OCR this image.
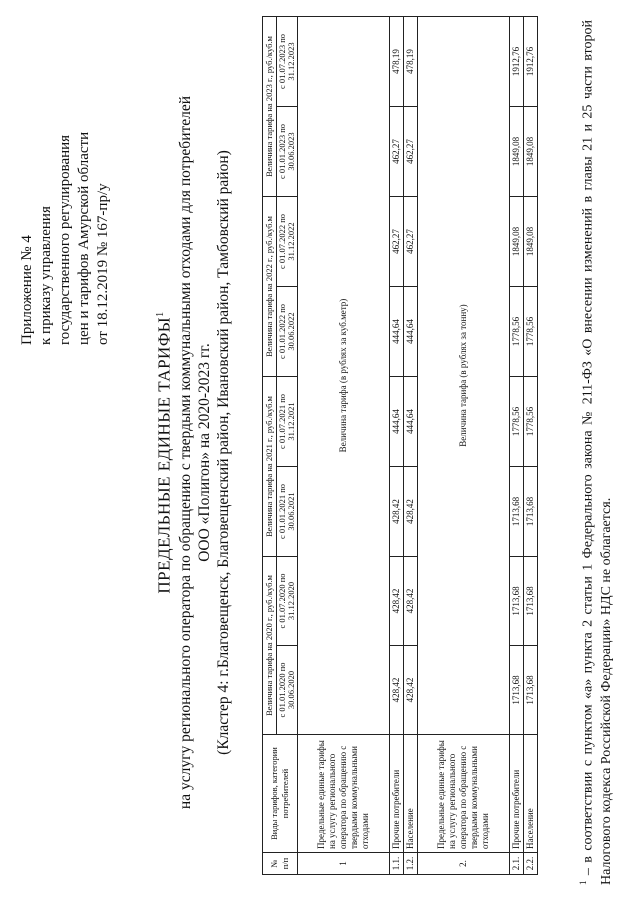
Приложение № 4 к приказу управления государственного регулирования цен и тарифов Амурской области от 18.12.2019 № 167-пр/у
ПРЕДЕЛЬНЫЕ ЕДИНЫЕ ТАРИФЫ$^1$ на услугу регионального оператора по обращению с твердыми коммунальными отходами для потребителей ООО «Полигон» на 2020-2023 гг. (Кластер 4: г.Благовещенск, Благовещенский район, Ивановский район, Тамбовский район)
№ п/п	Виды тарифов, категории потребителей	Величина тарифа на 2020 г., руб./куб.м		Величина тарифа на 2021 г., руб./куб.м		Величина тарифа на 2022 г., руб./куб.м		Величина тарифа на 2023 г., руб./куб.м	
		с 01.01.2020 по 30.06.2020	с 01.07.2020 по 31.12.2020	с 01.01.2021 по 30.06.2021	с 01.07.2021 по 31.12.2021	с 01.01.2022 по 30.06.2022	с 01.07.2022 по 31.12.2022	с 01.01.2023 по 30.06.2023	с 01.07.2023 по 31.12.2023
1	Предельные единые тарифы на услугу регионального оператора по обращению с твердыми коммунальными отходами	Величина тарифа (в рублях за куб.метр)							
1.1.	Прочие потребители	428,42	428,42	428,42	444,64	444,64	462,27	462,27	478,19
1.2.	Население	428,42	428,42	428,42	444,64	444,64	462,27	462,27	478,19
2.	Предельные единые тарифы на услугу регионального оператора по обращению с твердыми коммунальными отходами	Величина тарифа (в рублях за тонну)							
2.1.	Прочие потребители	1713,68	1713,68	1713,68	1778,56	1778,56	1849,08	1849,08	1912,76
2.2.	Население	1713,68	1713,68	1713,68	1778,56	1778,56	1849,08	1849,08	1912,76
$^1$ – в соответствии с пунктом «а» пункта 2 статьи 1 Федерального закона № 211-ФЗ «О внесении изменений в главы 21 и 25 части второй Налогового кодекса Российской Федерации» НДС не облагается.
